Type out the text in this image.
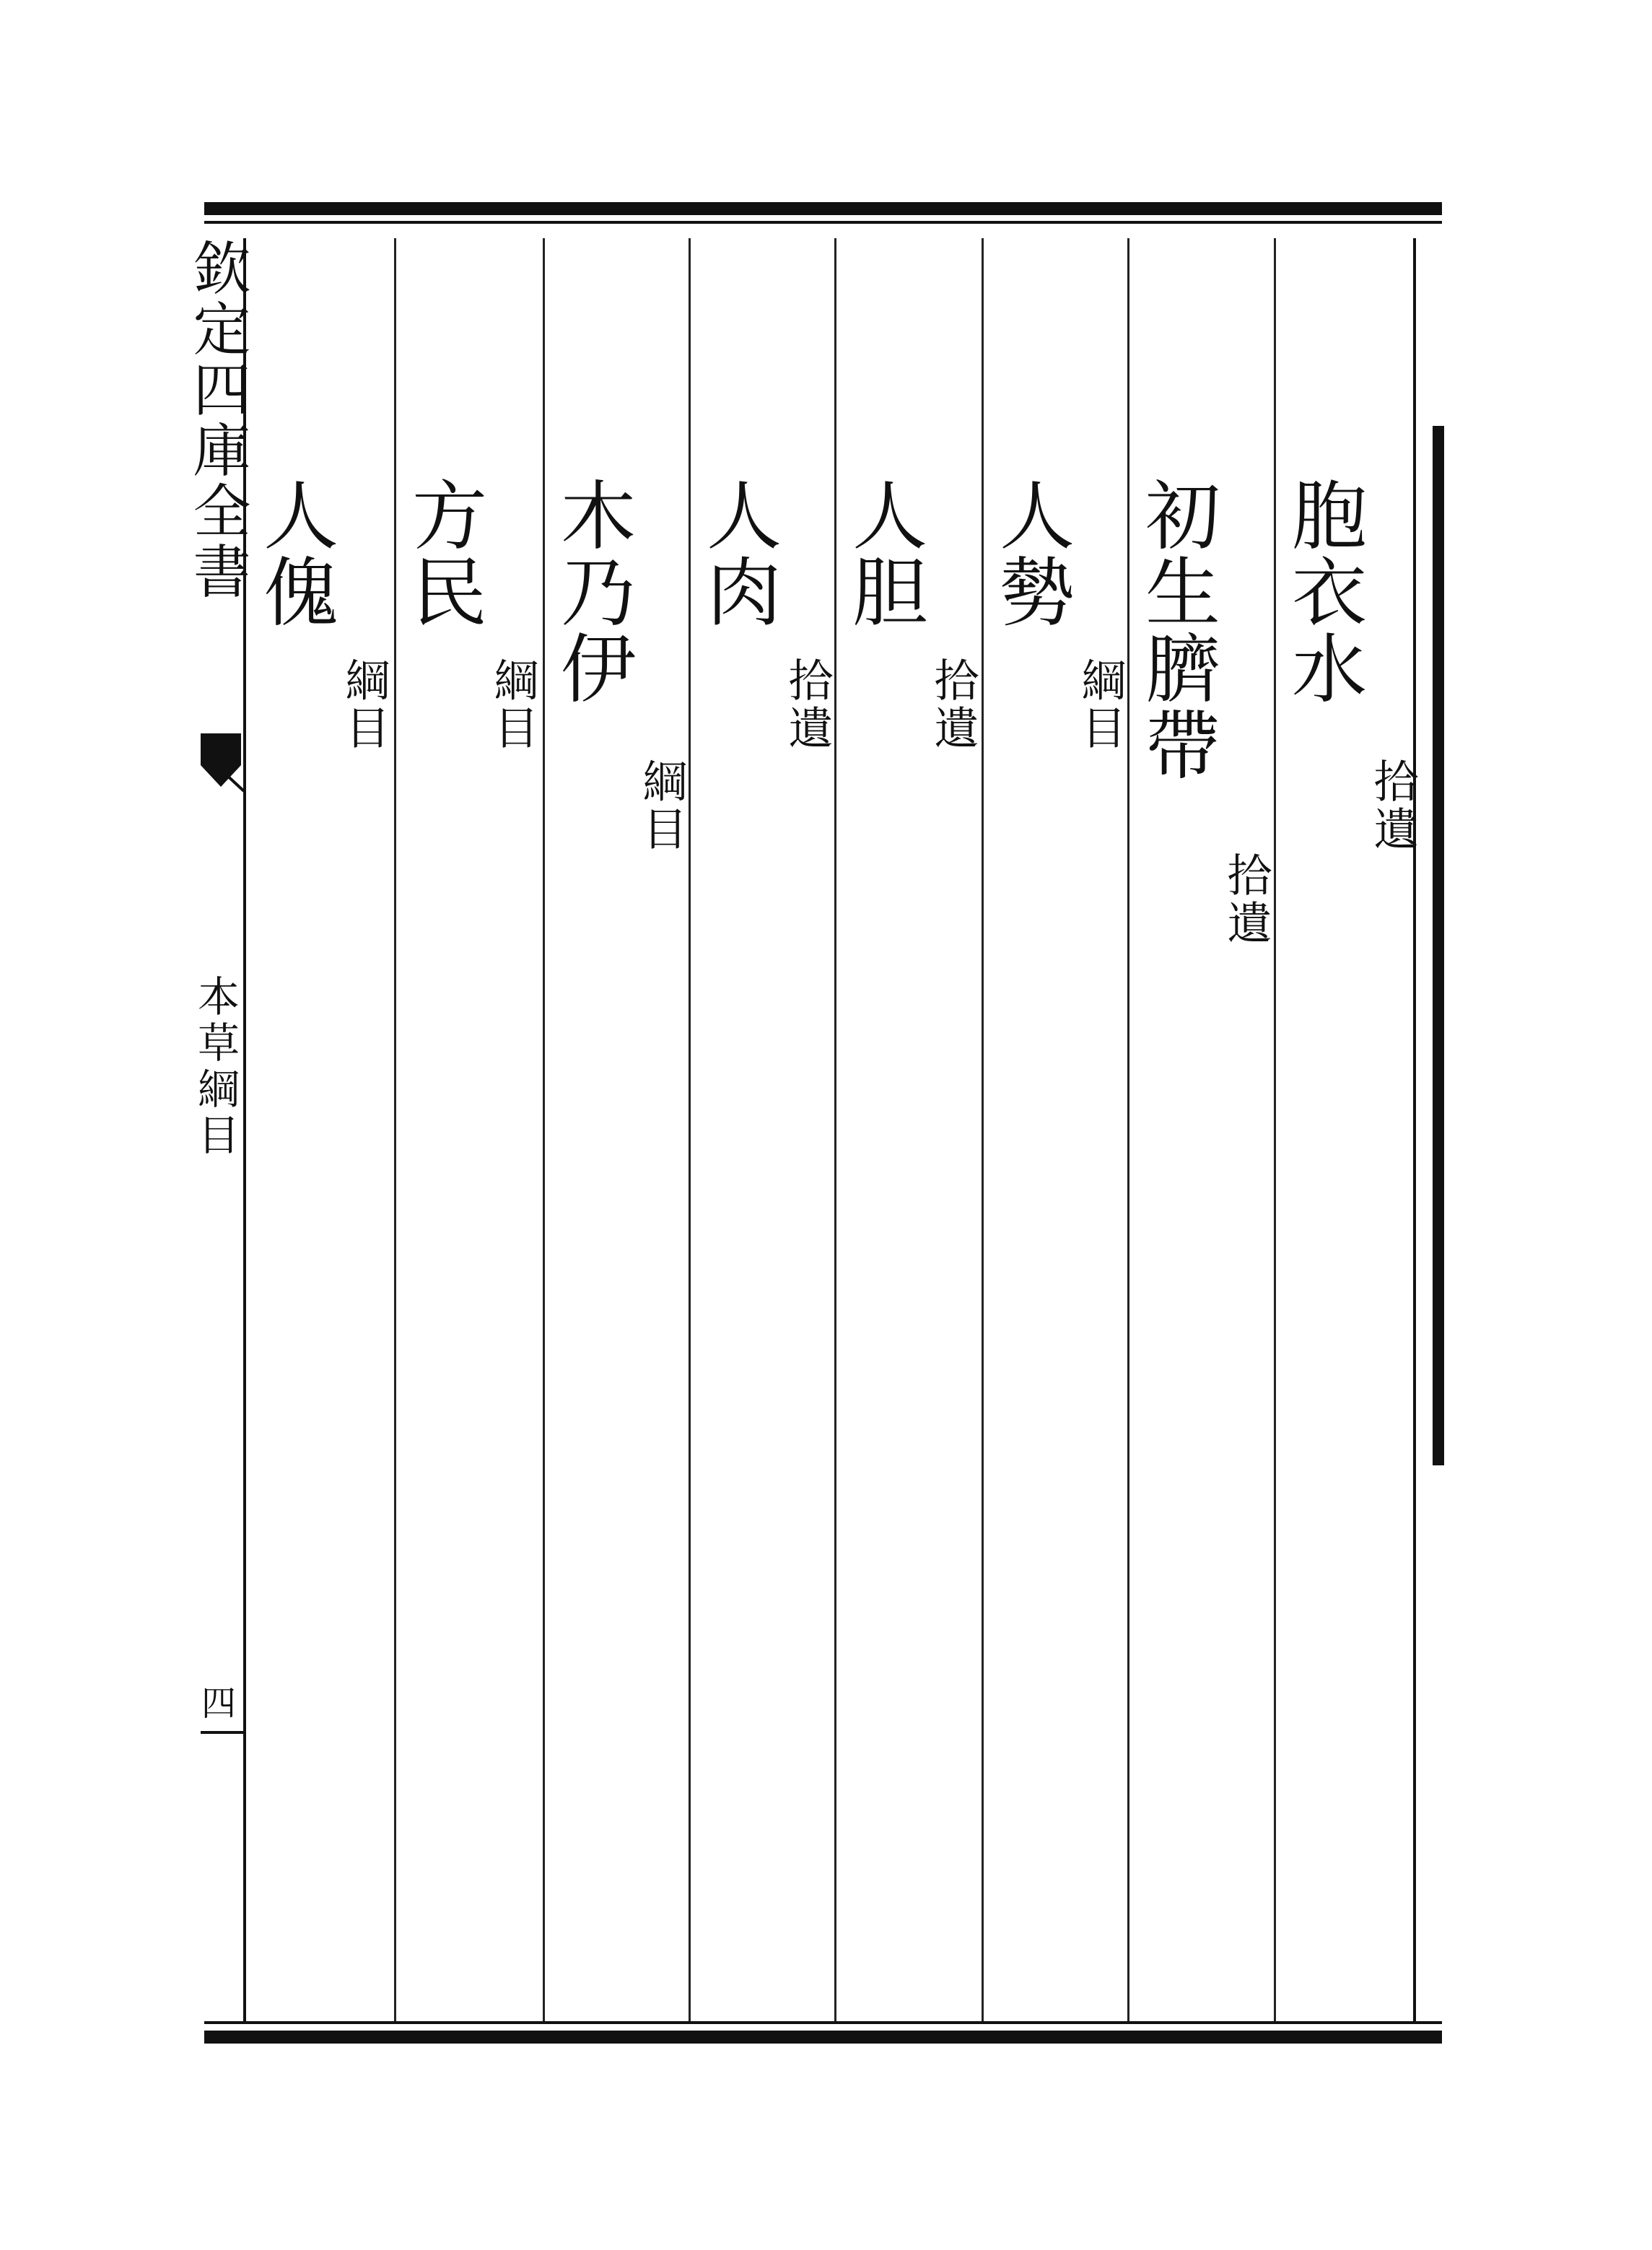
欽定四庫全書
本草綱目
四
胞衣水
拾遺
初生臍帶
拾遺
人勢
綱目
人胆
拾遺
人肉
拾遺
木乃伊
綱目
方民
綱目
人傀
綱目
